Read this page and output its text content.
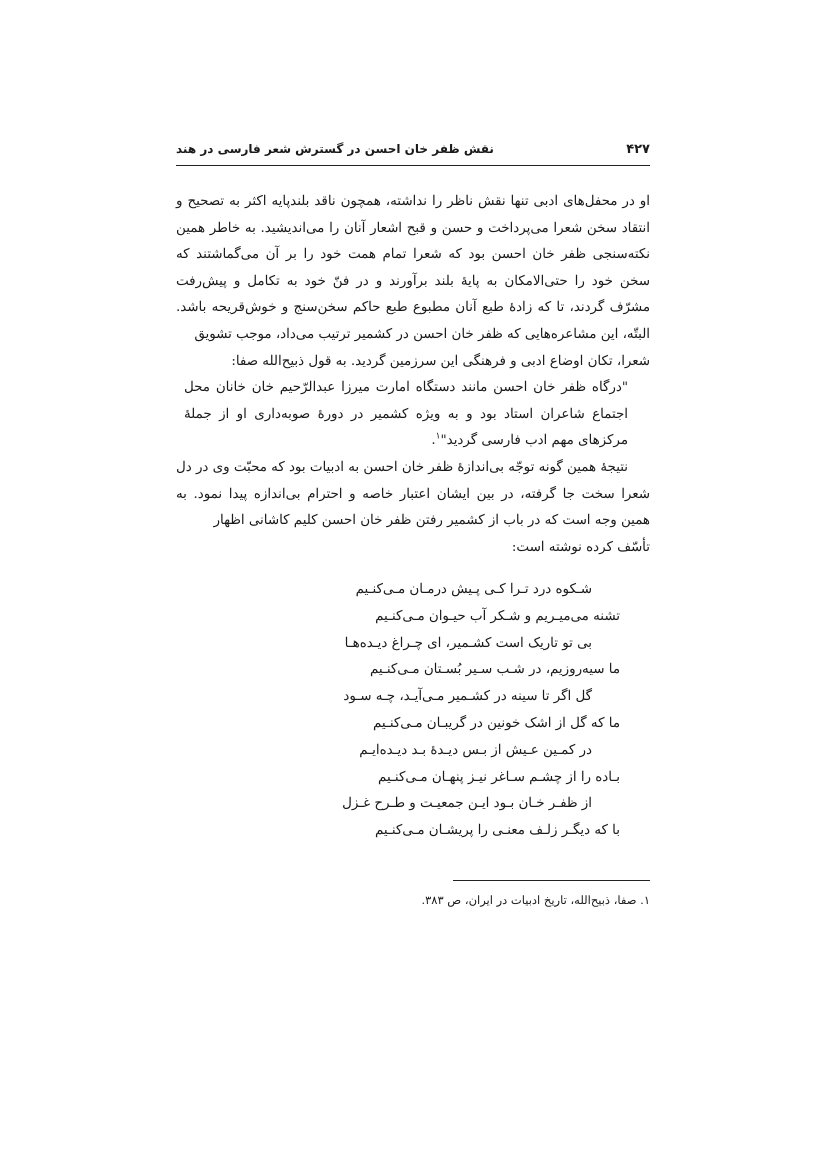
۴۲۷
نقش ظفر خان احسن در گسترش شعر فارسی در هند

او در محفل‌های ادبی تنها نقش ناظر را نداشته، همچون ناقد بلندپایه اکثر به تصحیح و انتقاد سخن شعرا می‌پرداخت و حسن و قبح اشعار آنان را می‌اندیشید. به خاطر همین نکته‌سنجی ظفر خان احسن بود که شعرا تمام همت خود را بر آن می‌گماشتند که سخن خود را حتی‌الامکان به پایهٔ بلند برآورند و در فنّ خود به تکامل و پیش‌رفت مشرّف گردند، تا که زادهٔ طبع آنان مطبوع طبع حاکم سخن‌سنج و خوش‌قریحه باشد. البتّه، این مشاعره‌هایی که ظفر خان احسن در کشمیر ترتیب می‌داد، موجب تشویق

شعرا، تکان اوضاع ادبی و فرهنگی این سرزمین گردید. به قول ذبیح‌الله صفا:

"درگاه ظفر خان احسن مانند دستگاه امارت میرزا عبدالرّحیم خان خانان محل اجتماع شاعران استاد بود و به ویژه کشمیر در دورهٔ صوبه‌داری او از جملهٔ مرکزهای مهم ادب فارسی گردید"$^۱$.

نتیجهٔ همین گونه توجّه بی‌اندازهٔ ظفر خان احسن به ادبیات بود که محبّت وی در دل شعرا سخت جا گرفته، در بین ایشان اعتبار خاصه و احترام بی‌اندازه پیدا نمود. به همین وجه است که در باب از کشمیر رفتن ظفر خان احسن کلیم کاشانی اظهار

تأسّف کرده نوشته است:

شـکوه درد تـرا کـی پـیش درمـان مـی‌کنـیم
تشنه می‌میـریم و شـکر آب حیـوان مـی‌کنـیم
بی تو تاریک است کشـمیر، ای چـراغ دیـده‌هـا
ما سیه‌روزیم، در شـب سـیر بُسـتان مـی‌کنـیم
گل اگر تا سینه در کشـمیر مـی‌آیـد، چـه سـود
ما که گل از اشک خونین در گریبـان مـی‌کنـیم
در کمـین عـیش از بـس دیـدهٔ بـد دیـده‌ایـم
بـاده را از چشـم سـاغر نیـز پنهـان مـی‌کنـیم
از ظفـر خـان بـود ایـن جمعیـت و طـرح غـزل
با که دیگـر زلـف معنـی را پریشـان مـی‌کنـیم
۱. صفا، ذبیح‌الله، تاریخ ادبیات در ایران، ص ۳۸۳.
